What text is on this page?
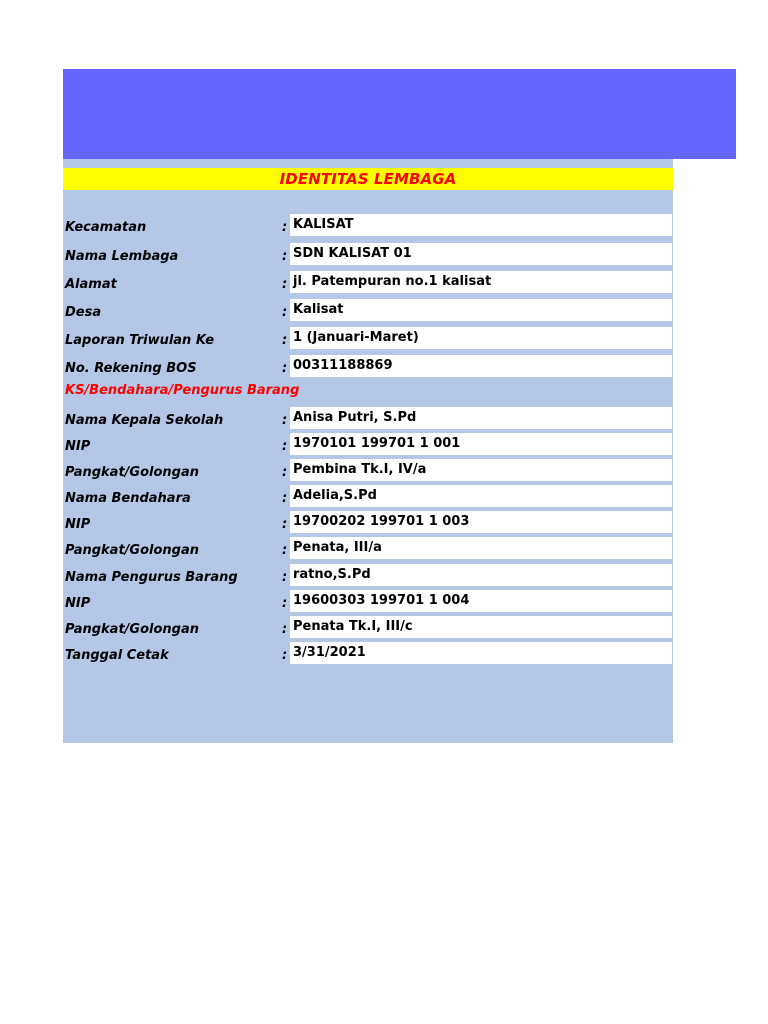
IDENTITAS LEMBAGA
Kecamatan	: KALISAT
Nama Lembaga	: SDN KALISAT 01
Alamat	: jl. Patempuran no.1 kalisat
Desa	: Kalisat
Laporan Triwulan Ke	: 1 (Januari-Maret)
No. Rekening BOS	: 00311188869
KS/Bendahara/Pengurus Barang
Nama Kepala Sekolah	: Anisa Putri, S.Pd
NIP	: 1970101 199701 1 001
Pangkat/Golongan	: Pembina Tk.I, IV/a
Nama Bendahara	: Adelia,S.Pd
NIP	: 19700202 199701 1 003
Pangkat/Golongan	: Penata, III/a
Nama Pengurus Barang	: ratno,S.Pd
NIP	: 19600303 199701 1 004
Pangkat/Golongan	: Penata Tk.I, III/c
Tanggal Cetak	: 3/31/2021
